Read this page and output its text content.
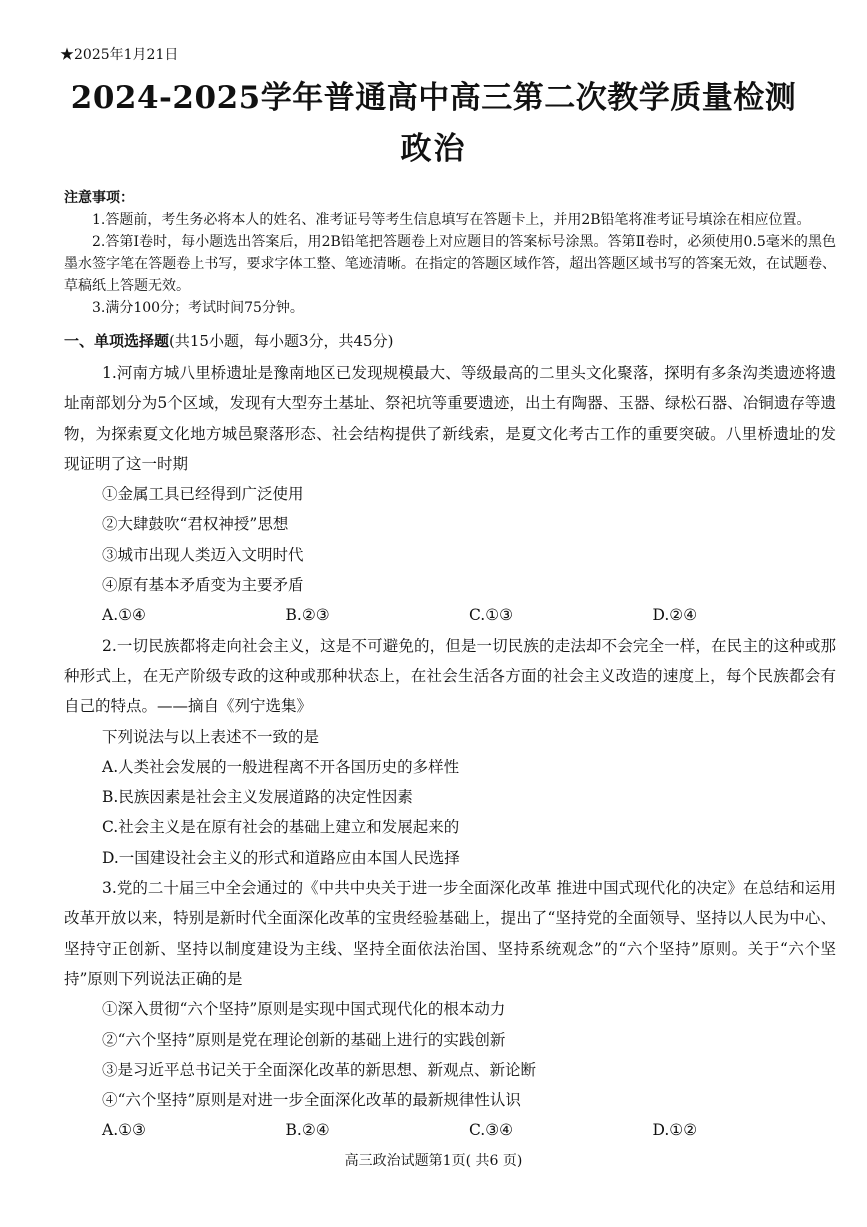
★2025年1月21日
2024-2025学年普通高中高三第二次教学质量检测
政治
注意事项：
1.答题前，考生务必将本人的姓名、准考证号等考生信息填写在答题卡上，并用2B铅笔将准考证号填涂在相应位置。
2.答第Ⅰ卷时，每小题选出答案后，用2B铅笔把答题卷上对应题目的答案标号涂黑。答第Ⅱ卷时，必须使用0.5毫米的黑色墨水签字笔在答题卷上书写，要求字体工整、笔迹清晰。在指定的答题区域作答，超出答题区域书写的答案无效，在试题卷、草稿纸上答题无效。
3.满分100分；考试时间75分钟。
一、单项选择题(共15小题，每小题3分，共45分)

1.河南方城八里桥遗址是豫南地区已发现规模最大、等级最高的二里头文化聚落，探明有多条沟类遗迹将遗址南部划分为5个区域，发现有大型夯土基址、祭祀坑等重要遗迹，出土有陶器、玉器、绿松石器、冶铜遗存等遗物，为探索夏文化地方城邑聚落形态、社会结构提供了新线索，是夏文化考古工作的重要突破。八里桥遗址的发现证明了这一时期

①金属工具已经得到广泛使用

②大肆鼓吹“君权神授”思想

③城市出现人类迈入文明时代

④原有基本矛盾变为主要矛盾

A.①④	B.②③	C.①③	D.②④

2.一切民族都将走向社会主义，这是不可避免的，但是一切民族的走法却不会完全一样，在民主的这种或那种形式上，在无产阶级专政的这种或那种状态上，在社会生活各方面的社会主义改造的速度上，每个民族都会有自己的特点。——摘自《列宁选集》

下列说法与以上表述不一致的是

A.人类社会发展的一般进程离不开各国历史的多样性

B.民族因素是社会主义发展道路的决定性因素

C.社会主义是在原有社会的基础上建立和发展起来的

D.一国建设社会主义的形式和道路应由本国人民选择

3.党的二十届三中全会通过的《中共中央关于进一步全面深化改革 推进中国式现代化的决定》在总结和运用改革开放以来，特别是新时代全面深化改革的宝贵经验基础上，提出了“坚持党的全面领导、坚持以人民为中心、坚持守正创新、坚持以制度建设为主线、坚持全面依法治国、坚持系统观念”的“六个坚持”原则。关于“六个坚持”原则下列说法正确的是

①深入贯彻“六个坚持”原则是实现中国式现代化的根本动力

②“六个坚持”原则是党在理论创新的基础上进行的实践创新

③是习近平总书记关于全面深化改革的新思想、新观点、新论断

④“六个坚持”原则是对进一步全面深化改革的最新规律性认识

A.①③	B.②④	C.③④	D.①②
高三政治试题第1页( 共6 页)
